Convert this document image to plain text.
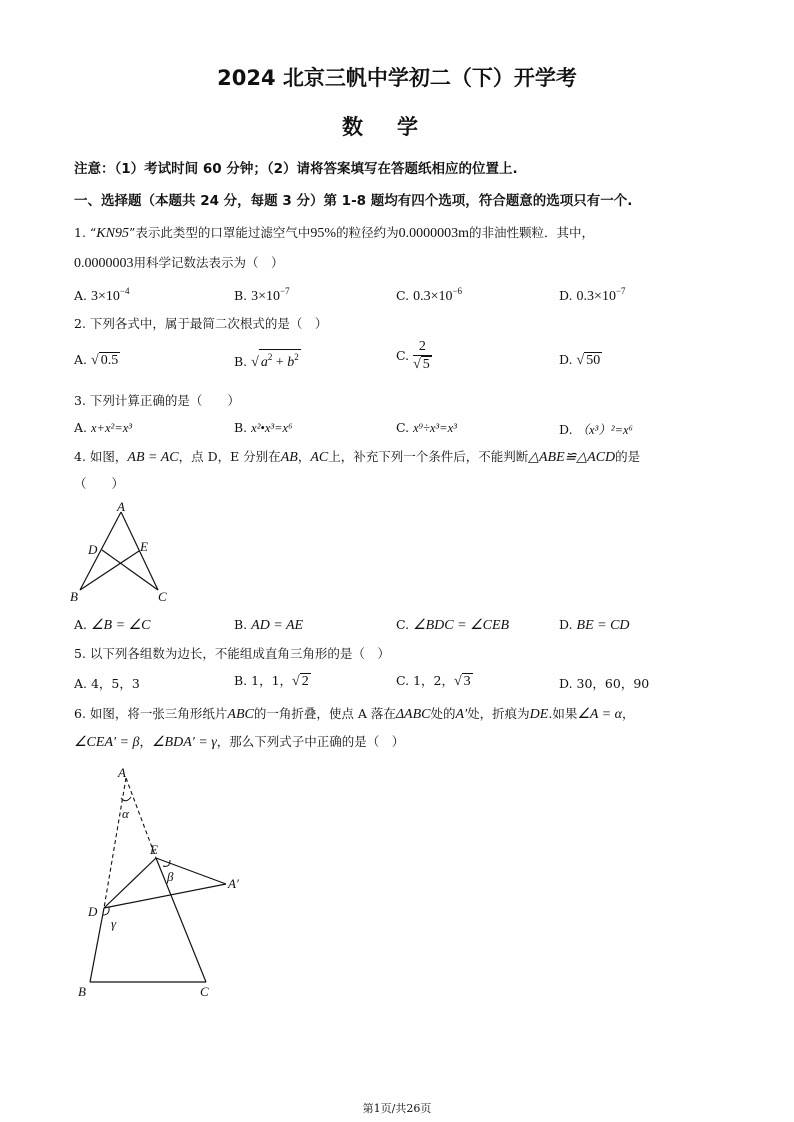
2024 北京三帆中学初二（下）开学考
数学
注意：（1）考试时间 60 分钟；（2）请将答案填写在答题纸相应的位置上.
一、选择题（本题共 24 分，每题 3 分）第 1-8 题均有四个选项，符合题意的选项只有一个.
1. “KN95”表示此类型的口罩能过滤空气中95%的粒径约为0.0000003m的非油性颗粒．其中，
0.0000003用科学记数法表示为（　）
A. $3\times 10^{-4}$	B. $3\times 10^{-7}$	C. $0.3\times 10^{-6}$	D. $0.3\times 10^{-7}$
2. 下列各式中，属于最简二次根式的是（　）
A. √ 0.5	B. √ $a^2 + b^2$	C. $\frac{2}{√ 5}$	D. √ 50
3. 下列计算正确的是（　　）
A. x+x²=x³	B. x²•x³=x⁶	C. x⁹÷x³=x³	D. （x³）²=x⁶
4. 如图，AB = AC，点 D，E 分别在AB，AC上，补充下列一个条件后，不能判断△ABE≌△ACD的是
（　　）
A
D	E
B	C
A. ∠B = ∠C	B. AD = AE	C. ∠BDC = ∠CEB	D. BE = CD
5. 以下列各组数为边长，不能组成直角三角形的是（　）
A. 4，5，3	B. 1，1，√ 2	C. 1，2，√ 3	D. 30，60，90
6. 如图，将一张三角形纸片ABC的一角折叠，使点 A 落在ΔABC处的A′处，折痕为DE.如果∠A = α，
∠CEA′ = β，∠BDA′ = γ，那么下列式子中正确的是（　）
A
α
E
β	A′
D
γ
B	C
第1页/共26页
